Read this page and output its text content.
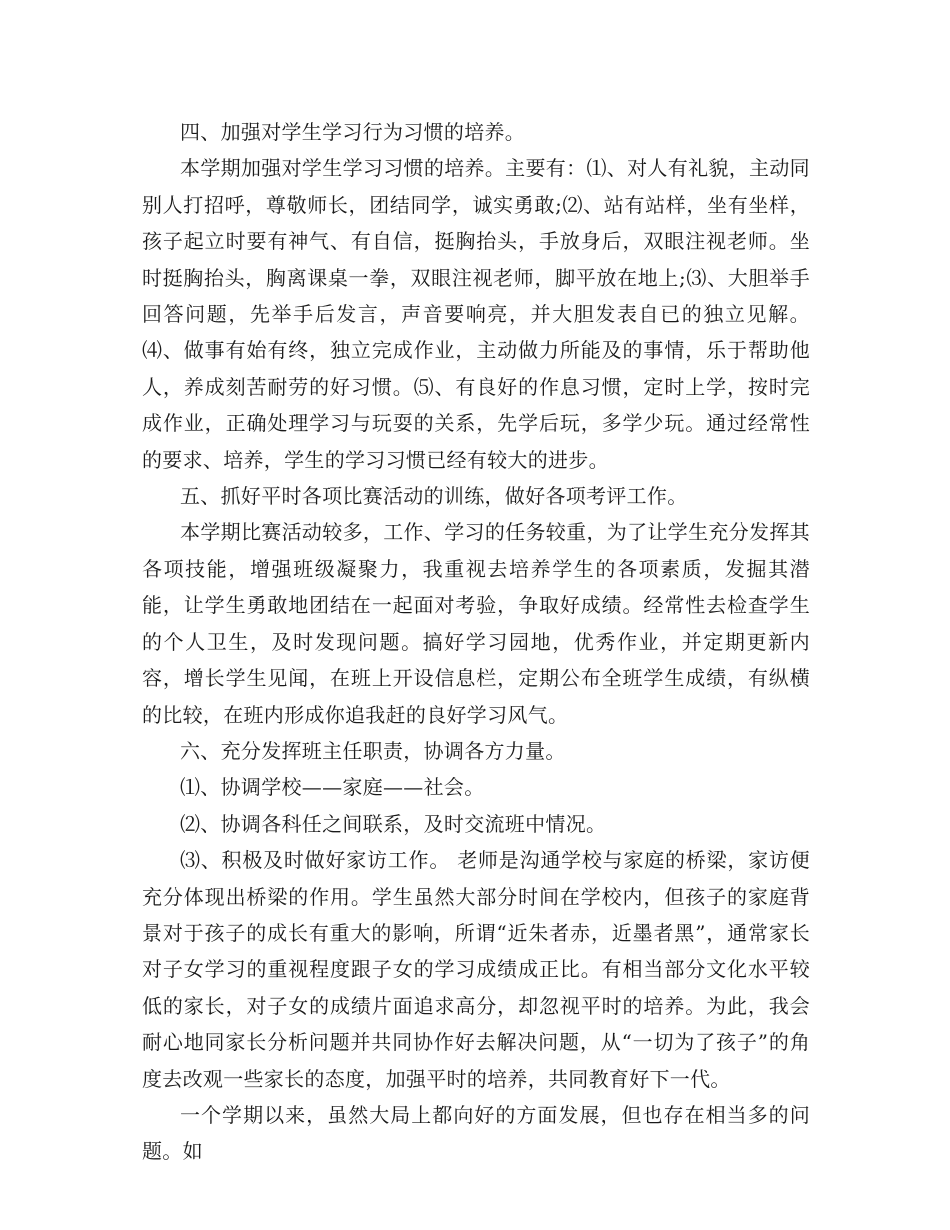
四、加强对学生学习行为习惯的培养。

本学期加强对学生学习习惯的培养。主要有：⑴、对人有礼貌，主动同别人打招呼，尊敬师长，团结同学，诚实勇敢;⑵、站有站样，坐有坐样，孩子起立时要有神气、有自信，挺胸抬头，手放身后，双眼注视老师。坐时挺胸抬头，胸离课桌一拳，双眼注视老师，脚平放在地上;⑶、大胆举手回答问题，先举手后发言，声音要响亮，并大胆发表自已的独立见解。⑷、做事有始有终，独立完成作业，主动做力所能及的事情，乐于帮助他人，养成刻苦耐劳的好习惯。⑸、有良好的作息习惯，定时上学，按时完成作业，正确处理学习与玩耍的关系，先学后玩，多学少玩。通过经常性的要求、培养，学生的学习习惯已经有较大的进步。

五、抓好平时各项比赛活动的训练，做好各项考评工作。

本学期比赛活动较多，工作、学习的任务较重，为了让学生充分发挥其各项技能，增强班级凝聚力，我重视去培养学生的各项素质，发掘其潜能，让学生勇敢地团结在一起面对考验，争取好成绩。经常性去检查学生的个人卫生，及时发现问题。搞好学习园地，优秀作业，并定期更新内容，增长学生见闻，在班上开设信息栏，定期公布全班学生成绩，有纵横的比较，在班内形成你追我赶的良好学习风气。

六、充分发挥班主任职责，协调各方力量。

⑴、协调学校——家庭——社会。

⑵、协调各科任之间联系，及时交流班中情况。

⑶、积极及时做好家访工作。 老师是沟通学校与家庭的桥梁，家访便充分体现出桥梁的作用。学生虽然大部分时间在学校内，但孩子的家庭背景对于孩子的成长有重大的影响，所谓“近朱者赤，近墨者黑”，通常家长对子女学习的重视程度跟子女的学习成绩成正比。有相当部分文化水平较低的家长，对子女的成绩片面追求高分，却忽视平时的培养。为此，我会耐心地同家长分析问题并共同协作好去解决问题，从“一切为了孩子”的角度去改观一些家长的态度，加强平时的培养，共同教育好下一代。

一个学期以来，虽然大局上都向好的方面发展，但也存在相当多的问题。如
